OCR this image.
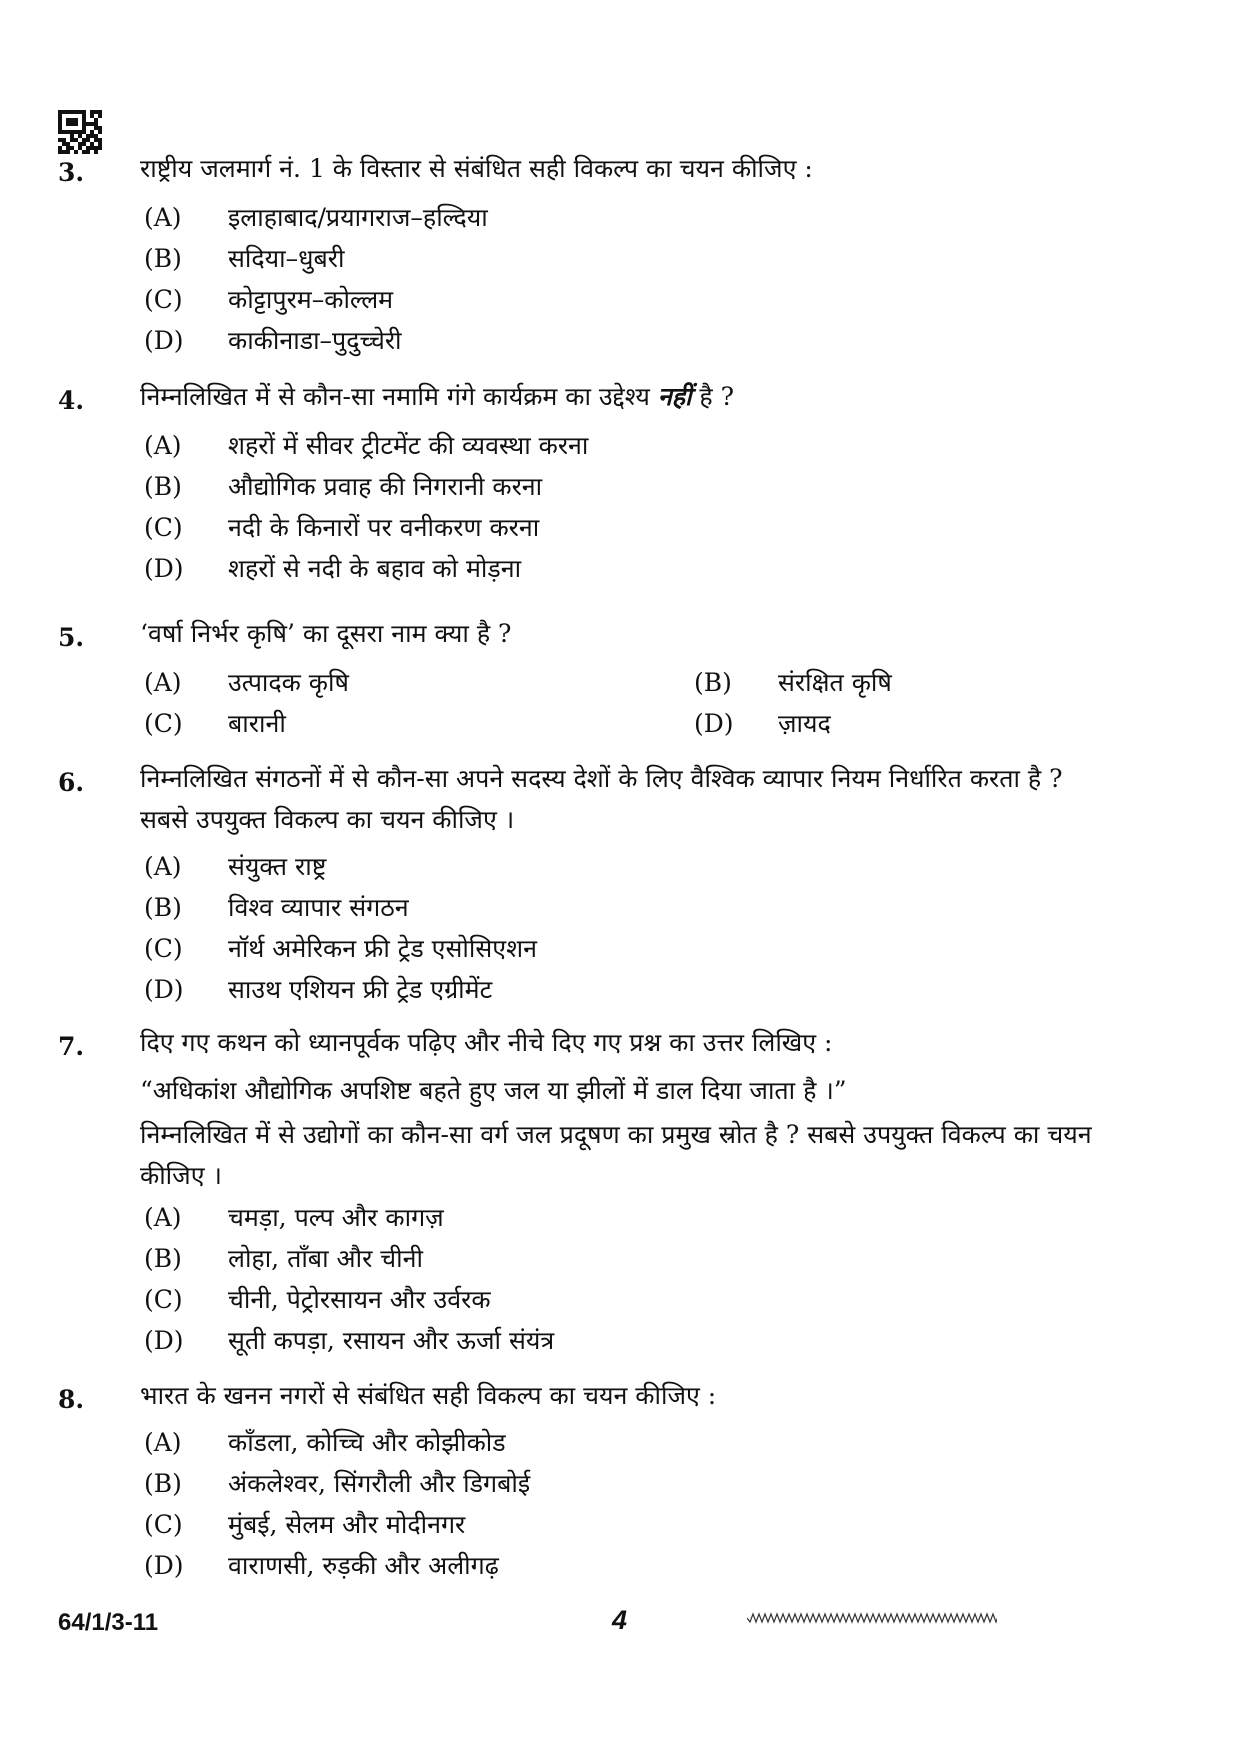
3. राष्ट्रीय जलमार्ग नं. 1 के विस्तार से संबंधित सही विकल्प का चयन कीजिए :
(A) इलाहाबाद/प्रयागराज–हल्दिया
(B) सदिया–धुबरी
(C) कोट्टापुरम–कोल्लम
(D) काकीनाडा–पुदुच्चेरी
4. निम्नलिखित में से कौन-सा नमामि गंगे कार्यक्रम का उद्देश्य नहीं है ?
(A) शहरों में सीवर ट्रीटमेंट की व्यवस्था करना
(B) औद्योगिक प्रवाह की निगरानी करना
(C) नदी के किनारों पर वनीकरण करना
(D) शहरों से नदी के बहाव को मोड़ना
5. ‘वर्षा निर्भर कृषि’ का दूसरा नाम क्या है ?
(A) उत्पादक कृषि	(B) संरक्षित कृषि
(C) बारानी	(D) ज़ायद
6. निम्नलिखित संगठनों में से कौन-सा अपने सदस्य देशों के लिए वैश्विक व्यापार नियम निर्धारित करता है ? सबसे उपयुक्त विकल्प का चयन कीजिए ।
(A) संयुक्त राष्ट्र
(B) विश्व व्यापार संगठन
(C) नॉर्थ अमेरिकन फ्री ट्रेड एसोसिएशन
(D) साउथ एशियन फ्री ट्रेड एग्रीमेंट
7. दिए गए कथन को ध्यानपूर्वक पढ़िए और नीचे दिए गए प्रश्न का उत्तर लिखिए :
“अधिकांश औद्योगिक अपशिष्ट बहते हुए जल या झीलों में डाल दिया जाता है ।”
निम्नलिखित में से उद्योगों का कौन-सा वर्ग जल प्रदूषण का प्रमुख स्रोत है ? सबसे उपयुक्त विकल्प का चयन कीजिए ।
(A) चमड़ा, पल्प और कागज़
(B) लोहा, ताँबा और चीनी
(C) चीनी, पेट्रोरसायन और उर्वरक
(D) सूती कपड़ा, रसायन और ऊर्जा संयंत्र
8. भारत के खनन नगरों से संबंधित सही विकल्प का चयन कीजिए :
(A) काँडला, कोच्चि और कोझीकोड
(B) अंकलेश्वर, सिंगरौली और डिगबोई
(C) मुंबई, सेलम और मोदीनगर
(D) वाराणसी, रुड़की और अलीगढ़
64/1/3-11	4
